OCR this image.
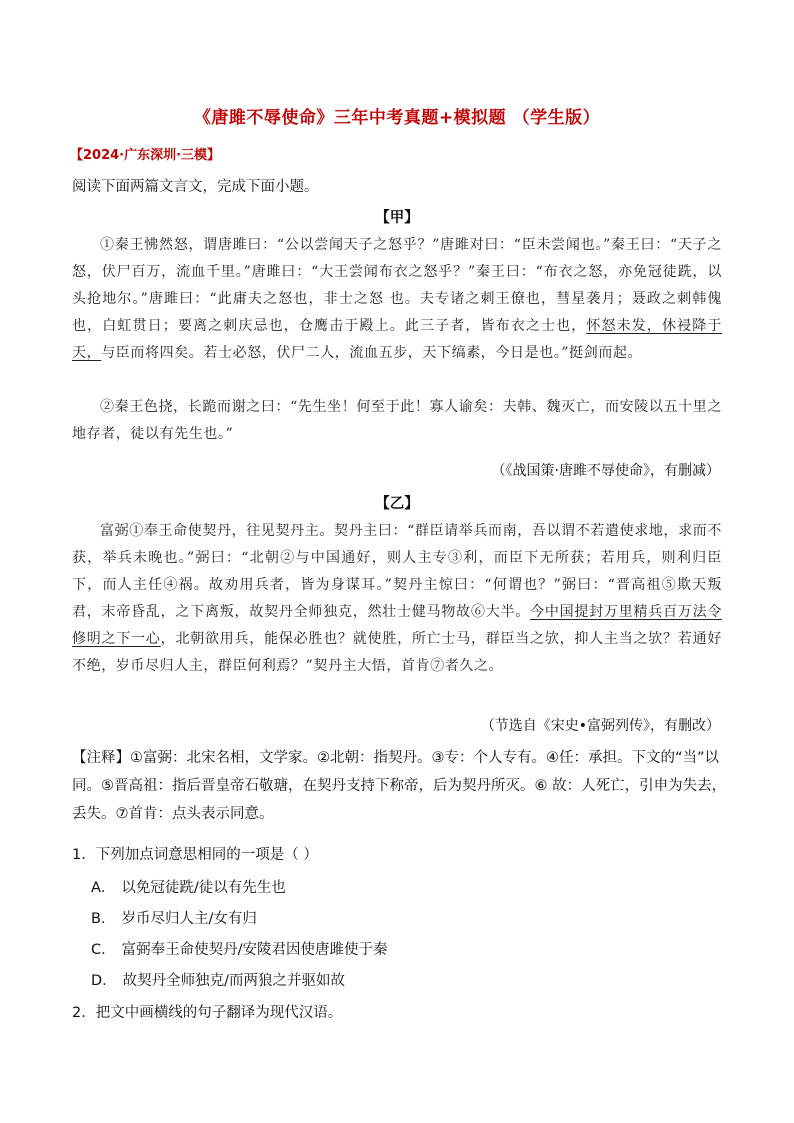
《唐雎不辱使命》三年中考真题+模拟题 （学生版）
【2024·广东深圳·三模】
阅读下面两篇文言文，完成下面小题。
【甲】
①秦王怫然怒，谓唐雎曰：“公以尝闻天子之怒乎？”唐雎对曰：“臣未尝闻也。”秦王曰：“天子之怒，伏尸百万，流血千里。”唐雎曰：“大王尝闻布衣之怒乎？”秦王曰：“布衣之怒，亦免冠徒跣，以头抢地尔。”唐雎曰：“此庸夫之怒也，非士之怒 也。夫专诸之刺王僚也，彗星袭月；聂政之刺韩傀也，白虹贯日；要离之刺庆忌也，仓鹰击于殿上。此三子者，皆布衣之士也，怀怒未发，休祲降于天，与臣而将四矣。若士必怒，伏尸二人，流血五步，天下缟素，今日是也。”挺剑而起。
②秦王色挠，长跪而谢之曰：“先生坐！何至于此！寡人谕矣：夫韩、魏灭亡，而安陵以五十里之地存者，徒以有先生也。”
（《战国策·唐雎不辱使命》，有删减）
【乙】
富弼①奉王命使契丹，往见契丹主。契丹主曰：“群臣请举兵而南，吾以谓不若遣使求地，求而不获，举兵未晚也。”弼曰：“北朝②与中国通好，则人主专③利，而臣下无所获；若用兵，则利归臣下，而人主任④祸。故劝用兵者，皆为身谋耳。”契丹主惊曰：“何谓也？”弼曰：“晋高祖⑤欺天叛君，末帝昏乱，之下离叛，故契丹全师独克，然壮士健马物故⑥大半。今中国提封万里精兵百万法令修明之下一心，北朝欲用兵，能保必胜也？就使胜，所亡士马，群臣当之欤，抑人主当之欤？若通好不绝，岁币尽归人主，群臣何利焉？”契丹主大悟，首肯⑦者久之。
（节选自《宋史•富弼列传》，有删改）
【注释】①富弼：北宋名相，文学家。②北朝：指契丹。③专：个人专有。④任：承担。下文的“当”以同。⑤晋高祖：指后晋皇帝石敬瑭，在契丹支持下称帝，后为契丹所灭。⑥ 故：人死亡，引申为失去，丢失。⑦首肯：点头表示同意。
1．下列加点词意思相同的一项是（ ）
A． 以免冠徒跣/徒以有先生也
B． 岁币尽归人主/女有归
C． 富弼奉王命使契丹/安陵君因使唐雎使于秦
D． 故契丹全师独克/而两狼之并驱如故
2．把文中画横线的句子翻译为现代汉语。
